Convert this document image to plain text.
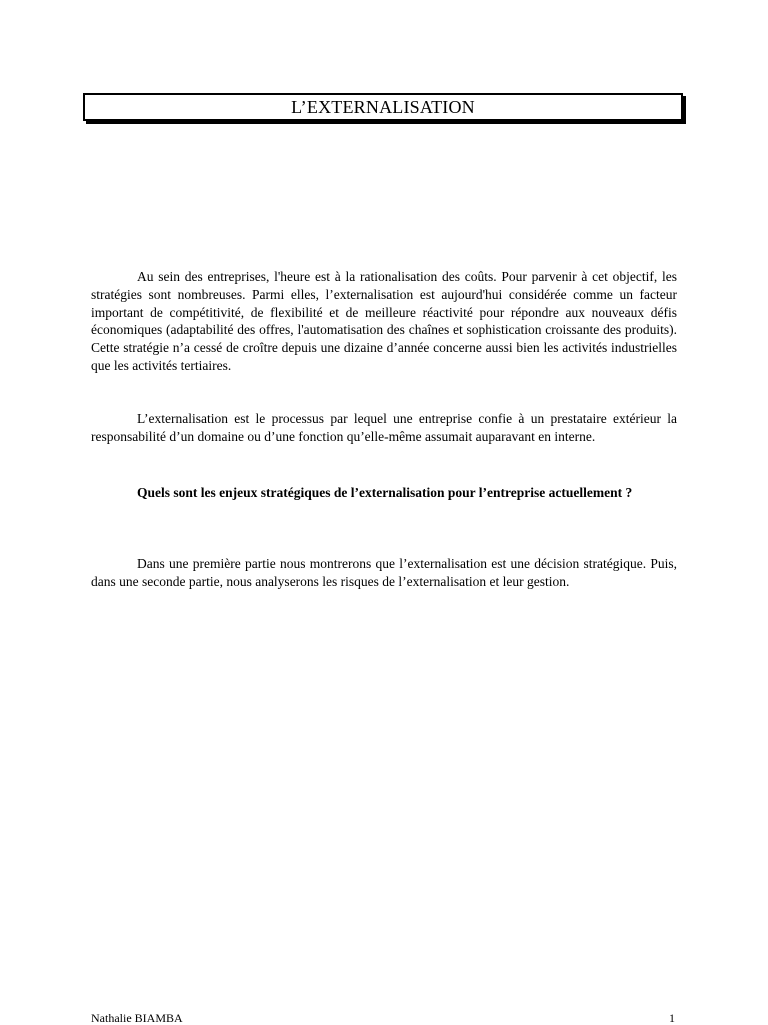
L’EXTERNALISATION

Au sein des entreprises, l'heure est à la rationalisation des coûts. Pour parvenir à cet objectif, les stratégies sont nombreuses. Parmi elles, l’externalisation est aujourd'hui considérée comme un facteur important de compétitivité, de flexibilité et de meilleure réactivité pour répondre aux nouveaux défis économiques (adaptabilité des offres, l'automatisation des chaînes et sophistication croissante des produits). Cette stratégie n’a cessé de croître depuis une dizaine d’année concerne aussi bien les activités industrielles que les activités tertiaires.

L’externalisation est le processus par lequel une entreprise confie à un prestataire extérieur la responsabilité d’un domaine ou d’une fonction qu’elle-même assumait auparavant en interne.

Quels sont les enjeux stratégiques de l’externalisation pour l’entreprise actuellement ?

Dans une première partie nous montrerons que l’externalisation est une décision stratégique. Puis, dans une seconde partie, nous analyserons les risques de l’externalisation et leur gestion.

Nathalie BIAMBA	1
